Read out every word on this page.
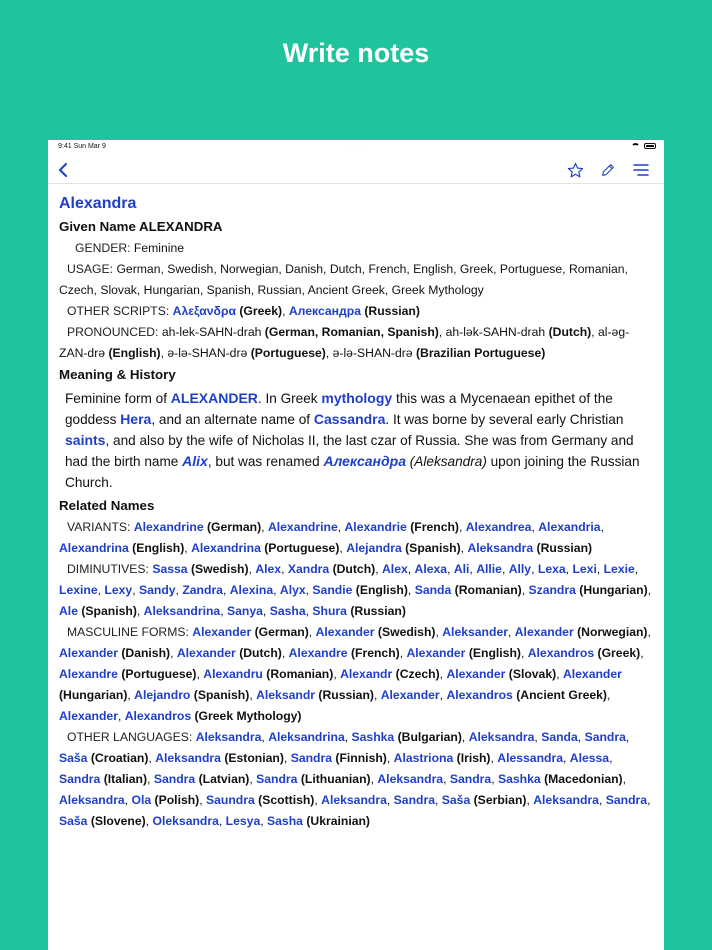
Write notes
9:41 Sun Mar 9	· · ·
Alexandra
Given Name ALEXANDRA
GENDER: Feminine
USAGE: German, Swedish, Norwegian, Danish, Dutch, French, English, Greek, Portuguese, Romanian, Czech, Slovak, Hungarian, Spanish, Russian, Ancient Greek, Greek Mythology
OTHER SCRIPTS: Αλεξανδρα (Greek), Александра (Russian)
PRONOUNCED: ah-lek-SAHN-drah (German, Romanian, Spanish), ah-lək-SAHN-drah (Dutch), al-əg-ZAN-drə (English), ə-lə-SHAN-drə (Portuguese), ə-lə-SHAN-drə (Brazilian Portuguese)
Meaning & History
Feminine form of ALEXANDER. In Greek mythology this was a Mycenaean epithet of the goddess Hera, and an alternate name of Cassandra. It was borne by several early Christian saints, and also by the wife of Nicholas II, the last czar of Russia. She was from Germany and had the birth name Alix, but was renamed Александра (Aleksandra) upon joining the Russian Church.
Related Names
VARIANTS: Alexandrine (German), Alexandrine, Alexandrie (French), Alexandrea, Alexandria, Alexandrina (English), Alexandrina (Portuguese), Alejandra (Spanish), Aleksandra (Russian)
DIMINUTIVES: Sassa (Swedish), Alex, Xandra (Dutch), Alex, Alexa, Ali, Allie, Ally, Lexa, Lexi, Lexie, Lexine, Lexy, Sandy, Zandra, Alexina, Alyx, Sandie (English), Sanda (Romanian), Szandra (Hungarian), Ale (Spanish), Aleksandrina, Sanya, Sasha, Shura (Russian)
MASCULINE FORMS: Alexander (German), Alexander (Swedish), Aleksander, Alexander (Norwegian), Alexander (Danish), Alexander (Dutch), Alexandre (French), Alexander (English), Alexandros (Greek), Alexandre (Portuguese), Alexandru (Romanian), Alexandr (Czech), Alexander (Slovak), Alexander (Hungarian), Alejandro (Spanish), Aleksandr (Russian), Alexander, Alexandros (Ancient Greek), Alexander, Alexandros (Greek Mythology)
OTHER LANGUAGES: Aleksandra, Aleksandrina, Sashka (Bulgarian), Aleksandra, Sanda, Sandra, Saša (Croatian), Aleksandra (Estonian), Sandra (Finnish), Alastriona (Irish), Alessandra, Alessa, Sandra (Italian), Sandra (Latvian), Sandra (Lithuanian), Aleksandra, Sandra, Sashka (Macedonian), Aleksandra, Ola (Polish), Saundra (Scottish), Aleksandra, Sandra, Saša (Serbian), Aleksandra, Sandra, Saša (Slovene), Oleksandra, Lesya, Sasha (Ukrainian)
